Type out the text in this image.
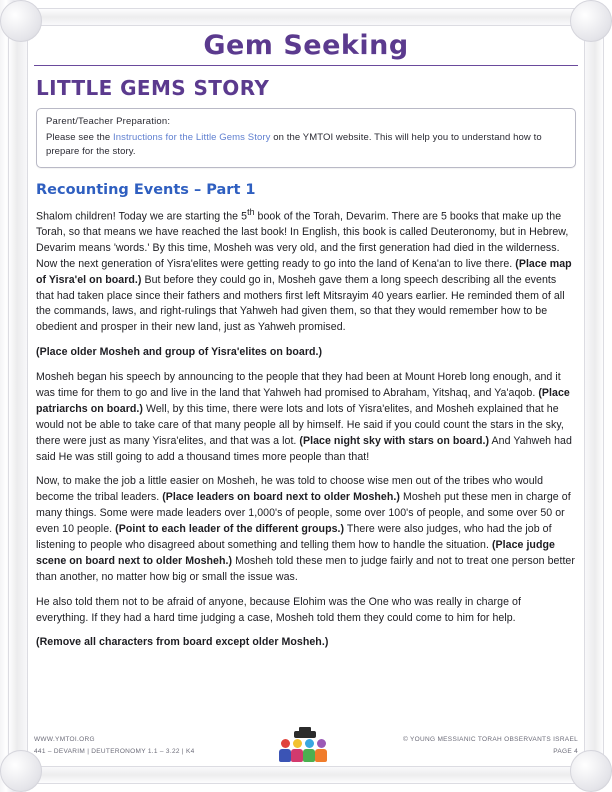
Gem Seeking
LITTLE GEMS STORY
Parent/Teacher Preparation:
Please see the Instructions for the Little Gems Story on the YMTOI website. This will help you to understand how to prepare for the story.
Recounting Events – Part 1
Shalom children! Today we are starting the 5th book of the Torah, Devarim. There are 5 books that make up the Torah, so that means we have reached the last book! In English, this book is called Deuteronomy, but in Hebrew, Devarim means 'words.' By this time, Mosheh was very old, and the first generation had died in the wilderness. Now the next generation of Yisra'elites were getting ready to go into the land of Kena'an to live there. (Place map of Yisra'el on board.) But before they could go in, Mosheh gave them a long speech describing all the events that had taken place since their fathers and mothers first left Mitsrayim 40 years earlier. He reminded them of all the commands, laws, and right-rulings that Yahweh had given them, so that they would remember how to be obedient and prosper in their new land, just as Yahweh promised.
(Place older Mosheh and group of Yisra'elites on board.)
Mosheh began his speech by announcing to the people that they had been at Mount Horeb long enough, and it was time for them to go and live in the land that Yahweh had promised to Abraham, Yitshaq, and Ya'aqob. (Place patriarchs on board.) Well, by this time, there were lots and lots of Yisra'elites, and Mosheh explained that he would not be able to take care of that many people all by himself. He said if you could count the stars in the sky, there were just as many Yisra'elites, and that was a lot. (Place night sky with stars on board.) And Yahweh had said He was still going to add a thousand times more people than that!
Now, to make the job a little easier on Mosheh, he was told to choose wise men out of the tribes who would become the tribal leaders. (Place leaders on board next to older Mosheh.) Mosheh put these men in charge of many things. Some were made leaders over 1,000's of people, some over 100's of people, and some over 50 or even 10 people. (Point to each leader of the different groups.) There were also judges, who had the job of listening to people who disagreed about something and telling them how to handle the situation. (Place judge scene on board next to older Mosheh.) Mosheh told these men to judge fairly and not to treat one person better than another, no matter how big or small the issue was.
He also told them not to be afraid of anyone, because Elohim was the One who was really in charge of everything. If they had a hard time judging a case, Mosheh told them they could come to him for help.
(Remove all characters from board except older Mosheh.)
WWW.YMTOI.ORG
441 – DEVARIM | DEUTERONOMY 1.1 – 3.22 | K4
© YOUNG MESSIANIC TORAH OBSERVANTS ISRAEL
PAGE 4
